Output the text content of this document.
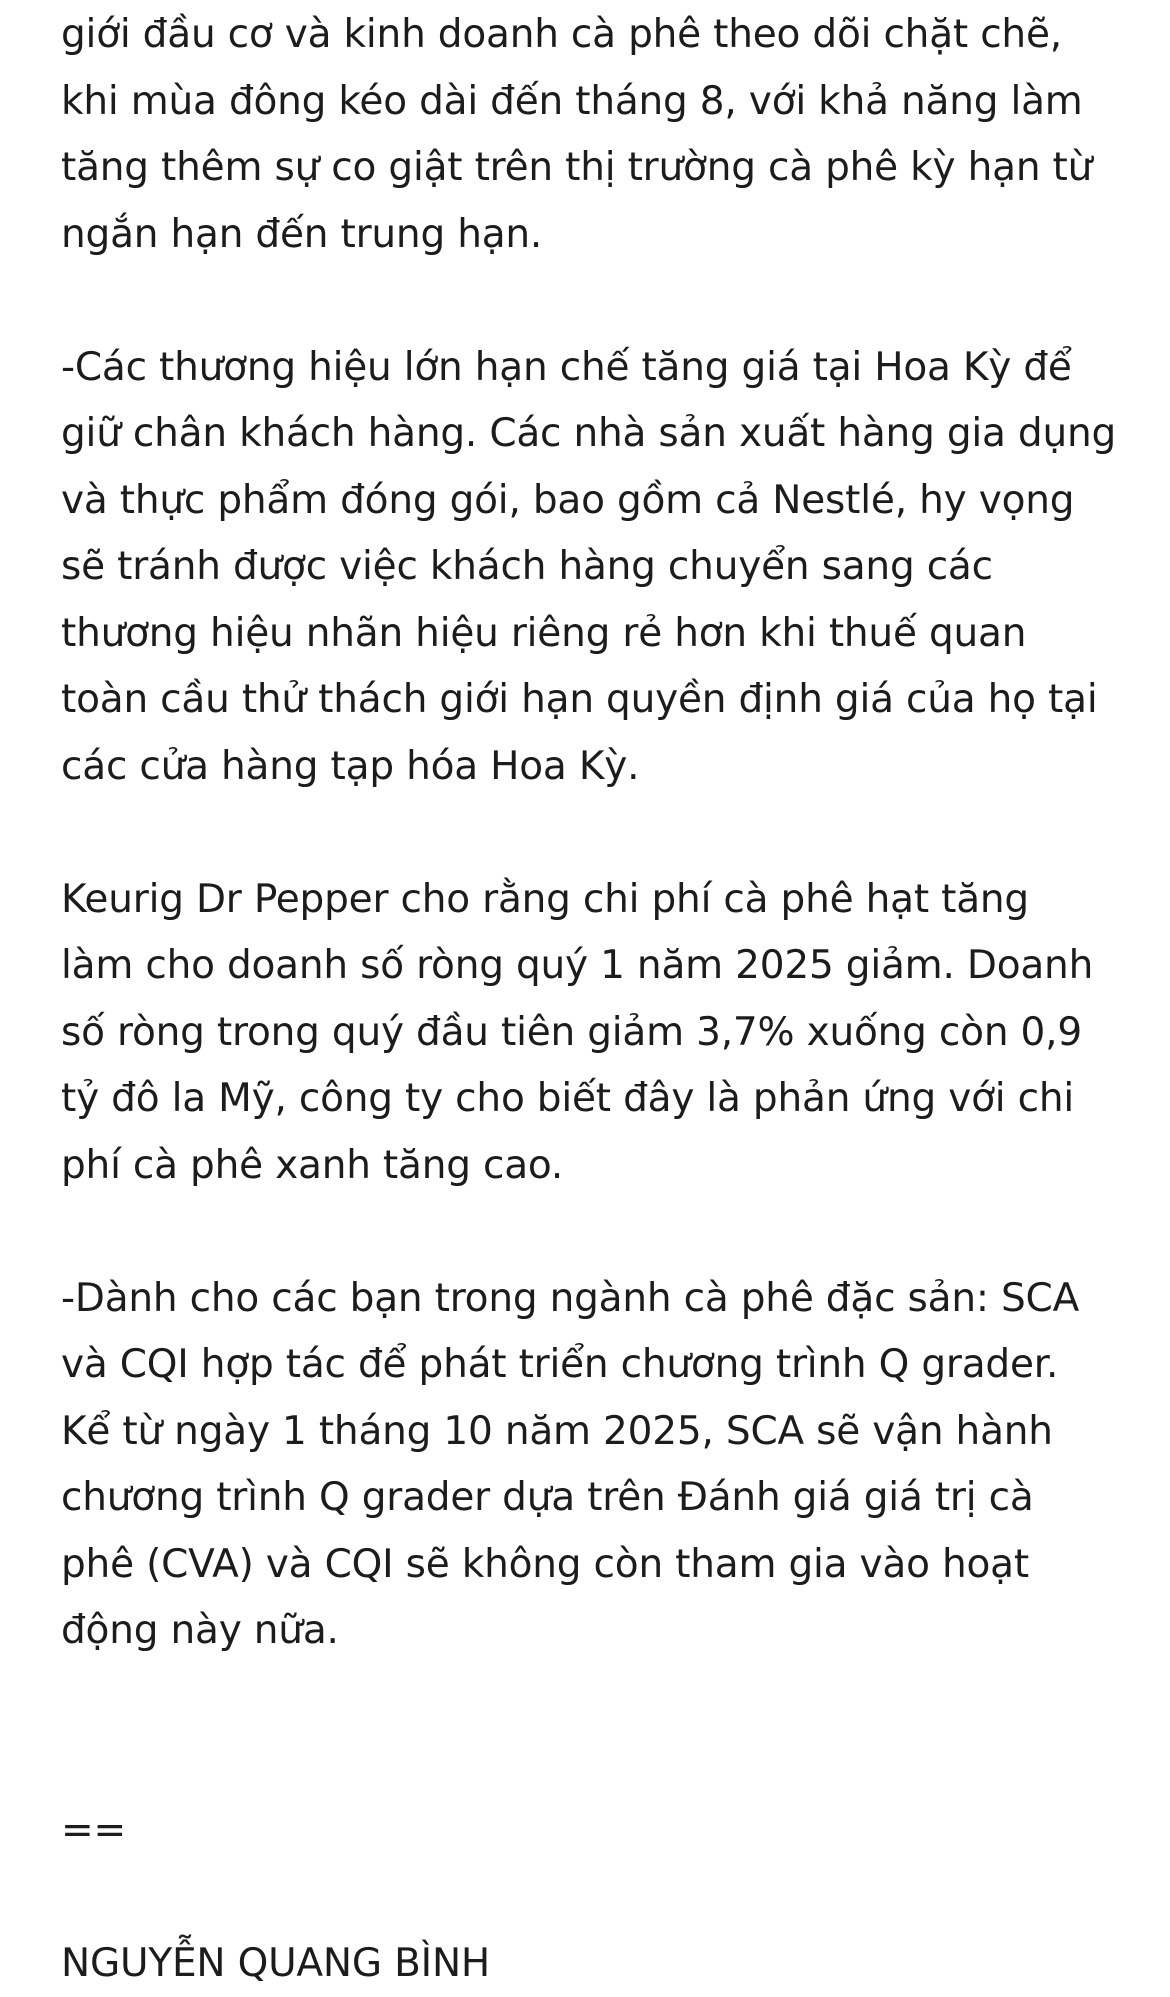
giới đầu cơ và kinh doanh cà phê theo dõi chặt chẽ,
khi mùa đông kéo dài đến tháng 8, với khả năng làm
tăng thêm sự co giật trên thị trường cà phê kỳ hạn từ
ngắn hạn đến trung hạn.

-Các thương hiệu lớn hạn chế tăng giá tại Hoa Kỳ để
giữ chân khách hàng. Các nhà sản xuất hàng gia dụng
và thực phẩm đóng gói, bao gồm cả Nestlé, hy vọng
sẽ tránh được việc khách hàng chuyển sang các
thương hiệu nhãn hiệu riêng rẻ hơn khi thuế quan
toàn cầu thử thách giới hạn quyền định giá của họ tại
các cửa hàng tạp hóa Hoa Kỳ.

Keurig Dr Pepper cho rằng chi phí cà phê hạt tăng
làm cho doanh số ròng quý 1 năm 2025 giảm. Doanh
số ròng trong quý đầu tiên giảm 3,7% xuống còn 0,9
tỷ đô la Mỹ, công ty cho biết đây là phản ứng với chi
phí cà phê xanh tăng cao.

-Dành cho các bạn trong ngành cà phê đặc sản: SCA
và CQI hợp tác để phát triển chương trình Q grader.
Kể từ ngày 1 tháng 10 năm 2025, SCA sẽ vận hành
chương trình Q grader dựa trên Đánh giá giá trị cà
phê (CVA) và CQI sẽ không còn tham gia vào hoạt
động này nữa.

==

NGUYỄN QUANG BÌNH
